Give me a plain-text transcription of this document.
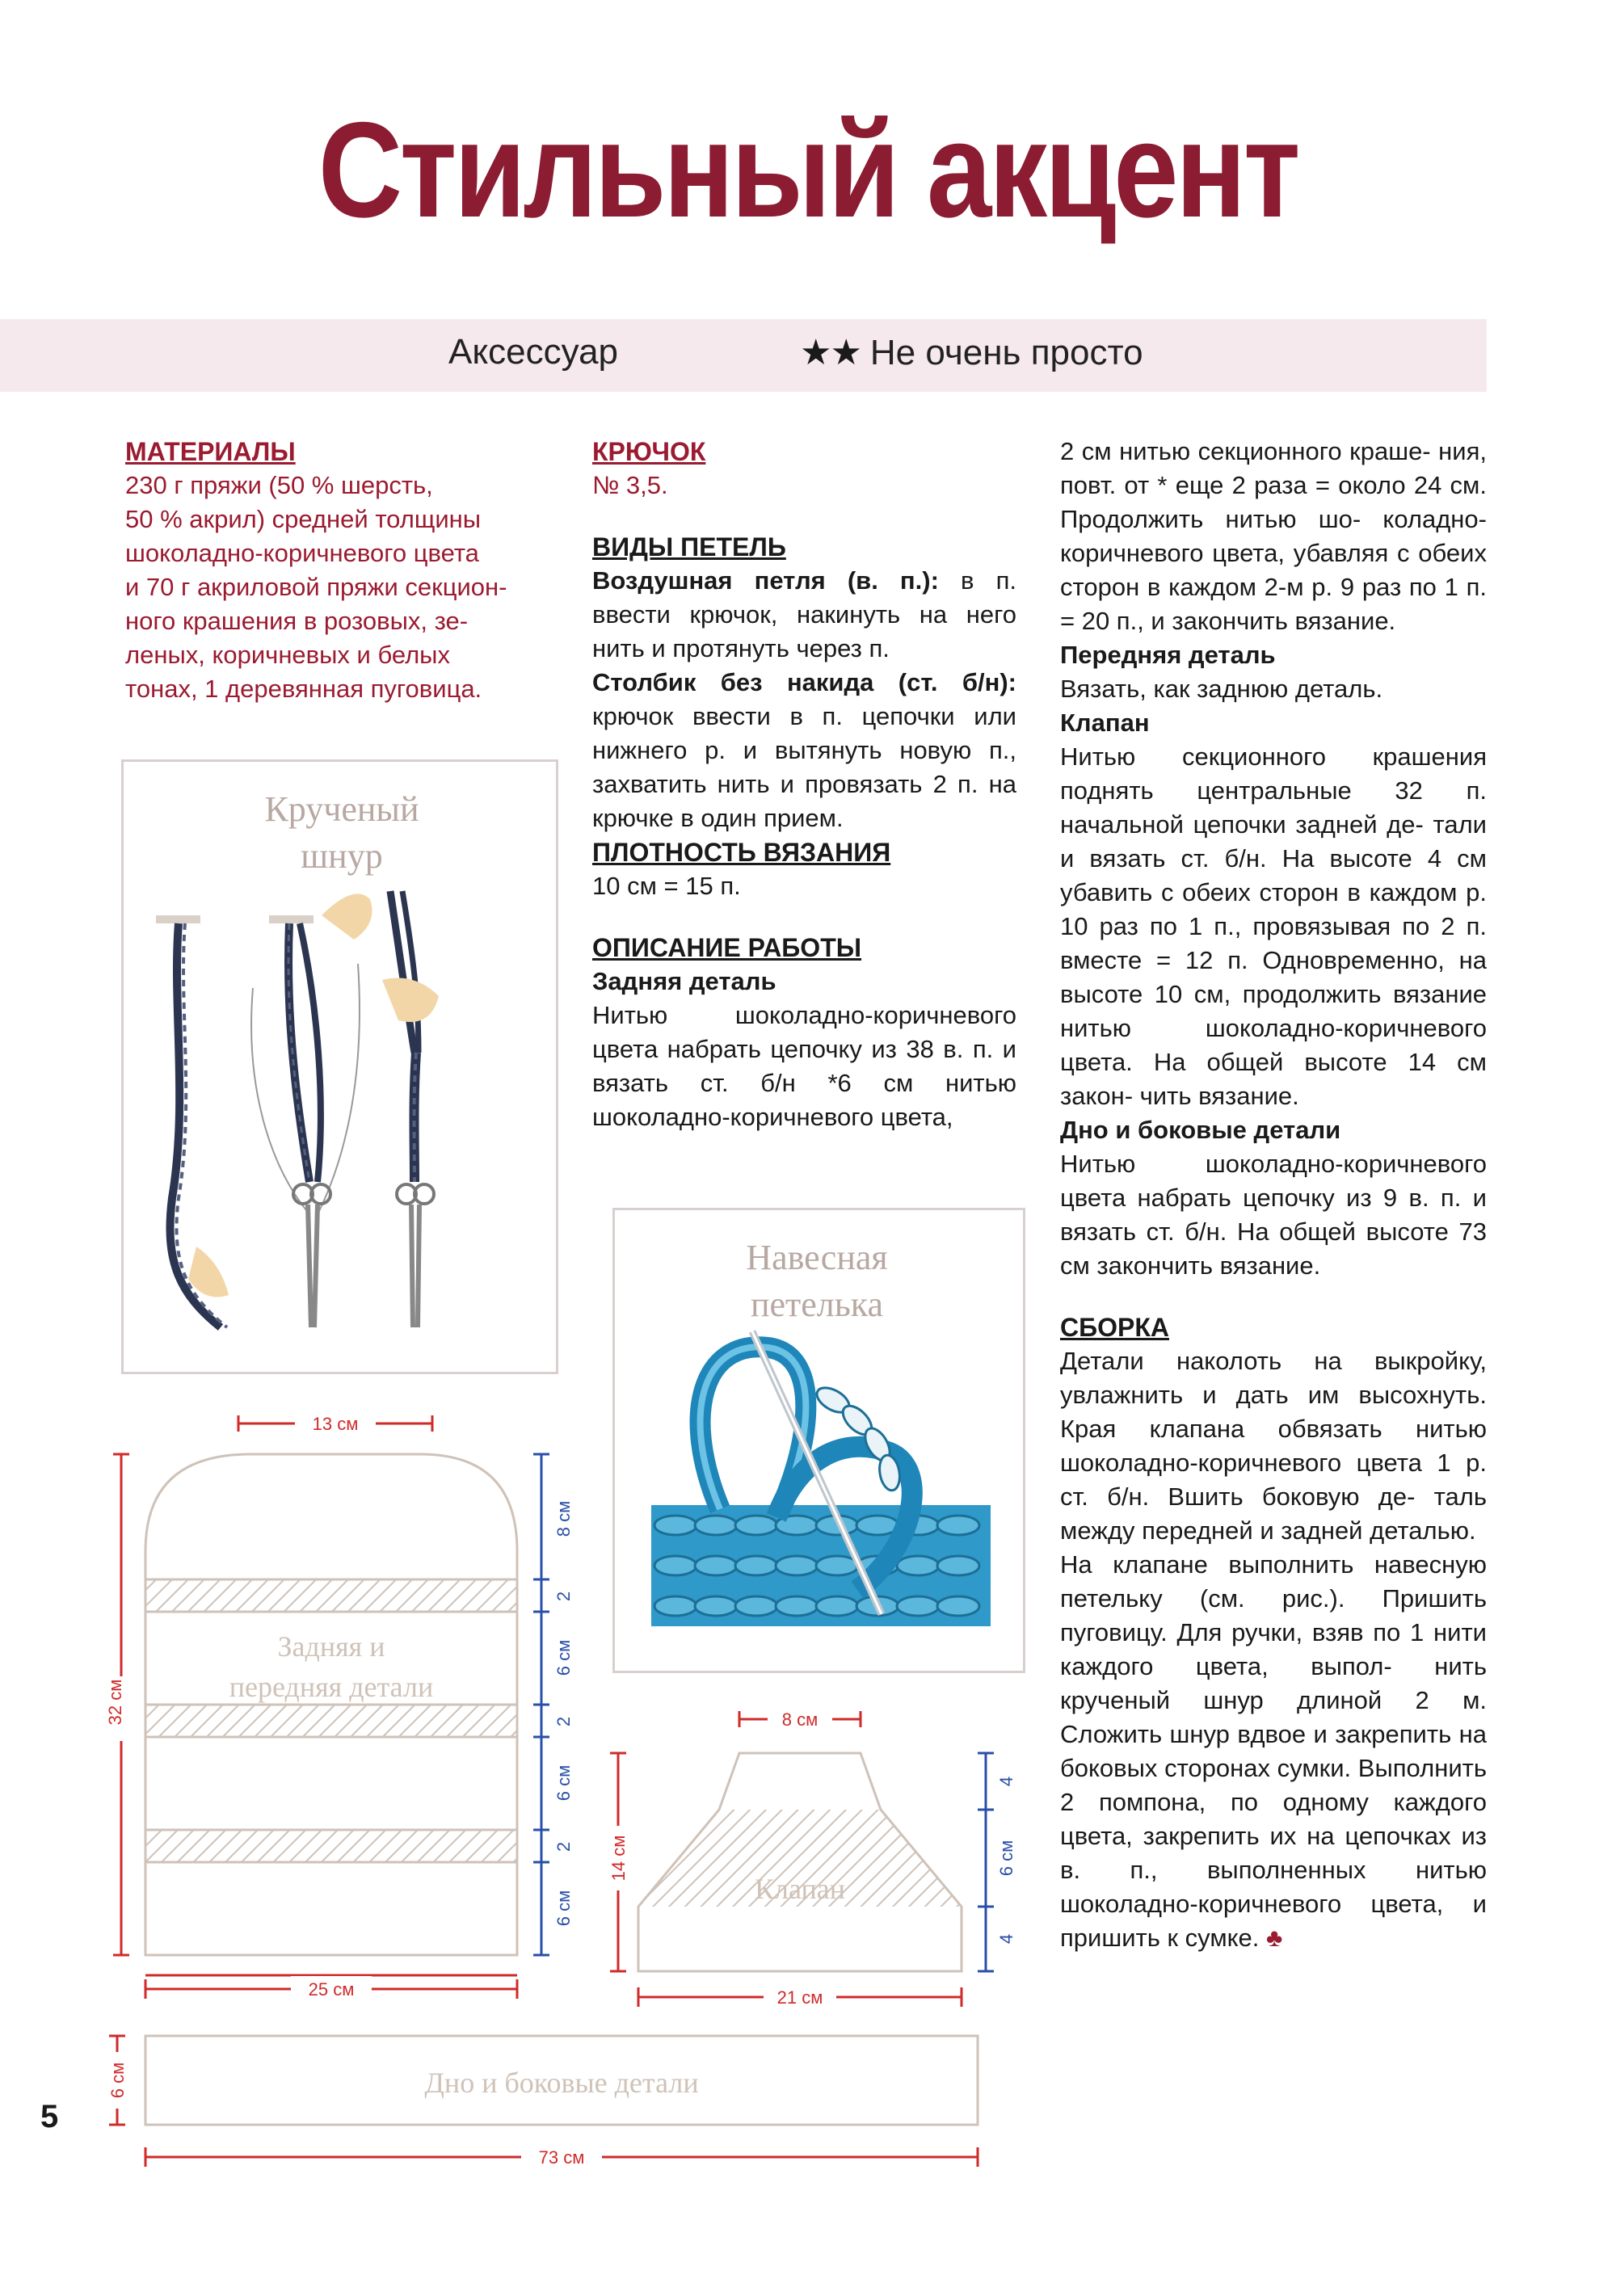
Стильный акцент
Аксессуар	★★ Не очень просто

МАТЕРИАЛЫ

230 г пряжи (50 % шерсть,
50 % акрил) средней толщины
шоколадно-коричневого цвета
и 70 г акриловой пряжи секцион-
ного крашения в розовых, зе-
леных, коричневых и белых
тонах, 1 деревянная пуговица.

КРЮЧОК

№ 3,5.

ВИДЫ ПЕТЕЛЬ

Воздушная петля (в. п.): в п. ввести крючок, накинуть на него нить и протянуть через п.

Столбик без накида (ст. б/н): крючок ввести в п. цепочки или нижнего р. и вытянуть новую п., захватить нить и провязать 2 п. на крючке в один прием.

ПЛОТНОСТЬ ВЯЗАНИЯ

10 см = 15 п.

ОПИСАНИЕ РАБОТЫ

Задняя деталь

Нитью шоколадно-коричневого цвета набрать цепочку из 38 в. п. и вязать ст. б/н *6 см нитью шоколадно-коричневого цвета,

2 см нитью секционного краше- ния, повт. от * еще 2 раза = около 24 см. Продолжить нитью шо- коладно-коричневого цвета, убавляя с обеих сторон в каждом 2-м р. 9 раз по 1 п. = 20 п., и закончить вязание.

Передняя деталь

Вязать, как заднюю деталь.

Клапан

Нитью секционного крашения поднять центральные 32 п. начальной цепочки задней де- тали и вязать ст. б/н. На высоте 4 см убавить с обеих сторон в каждом р. 10 раз по 1 п., провязывая по 2 п. вместе = 12 п. Одновременно, на высоте 10 см, продолжить вязание нитью шоколадно-коричневого цвета. На общей высоте 14 см закон- чить вязание.

Дно и боковые детали

Нитью шоколадно-коричневого цвета набрать цепочку из 9 в. п. и вязать ст. б/н. На общей высоте 73 см закончить вязание.

СБОРКА

Детали наколоть на выкройку, увлажнить и дать им высохнуть. Края клапана обвязать нитью шоколадно-коричневого цвета 1 р. ст. б/н. Вшить боковую де- таль между передней и задней деталью.

На клапане выполнить навесную петельку (см. рис.). Пришить пуговицу. Для ручки, взяв по 1 нити каждого цвета, выпол- нить крученый шнур длиной 2 м. Сложить шнур вдвое и закрепить на боковых сторонах сумки. Выполнить 2 помпона, по одному каждого цвета, закрепить их на цепочках из в. п., выполненных нитью шоколадно-коричневого цвета, и пришить к сумке. ♣

Крученый
шнур
Навесная
петелька
13 см
Задняя и
передняя детали
32 см
8 см
2
6 см
2
6 см
2
6 см
25 см
8 см
Клапан
14 см
4
6 см
4
21 см
Дно и боковые детали
6 см
73 см
5
